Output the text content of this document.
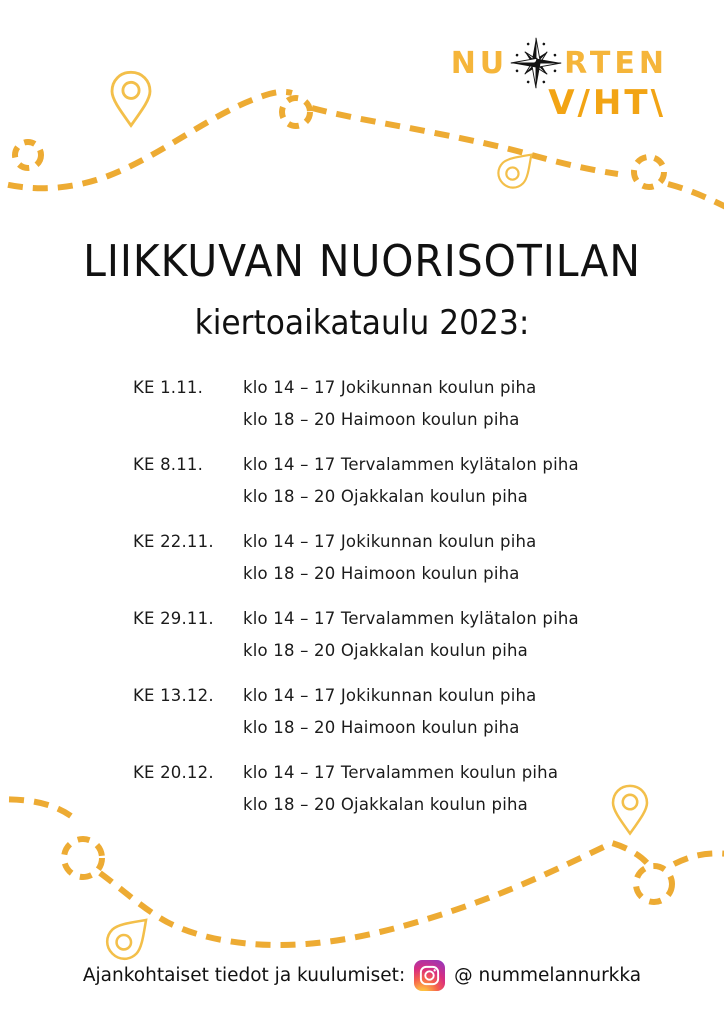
NU RTEN
V/HT\
LIIKKUVAN NUORISOTILAN
kiertoaikataulu 2023:
KE 1.11.	klo 14 – 17 Jokikunnan koulun piha
klo 18 – 20 Haimoon koulun piha
KE 8.11.	klo 14 – 17 Tervalammen kylätalon piha
klo 18 – 20 Ojakkalan koulun piha
KE 22.11.	klo 14 – 17 Jokikunnan koulun piha
klo 18 – 20 Haimoon koulun piha
KE 29.11.	klo 14 – 17 Tervalammen kylätalon piha
klo 18 – 20 Ojakkalan koulun piha
KE 13.12.	klo 14 – 17 Jokikunnan koulun piha
klo 18 – 20 Haimoon koulun piha
KE 20.12.	klo 14 – 17 Tervalammen koulun piha
klo 18 – 20 Ojakkalan koulun piha
Ajankohtaiset tiedot ja kuulumiset:	@ nummelannurkka
